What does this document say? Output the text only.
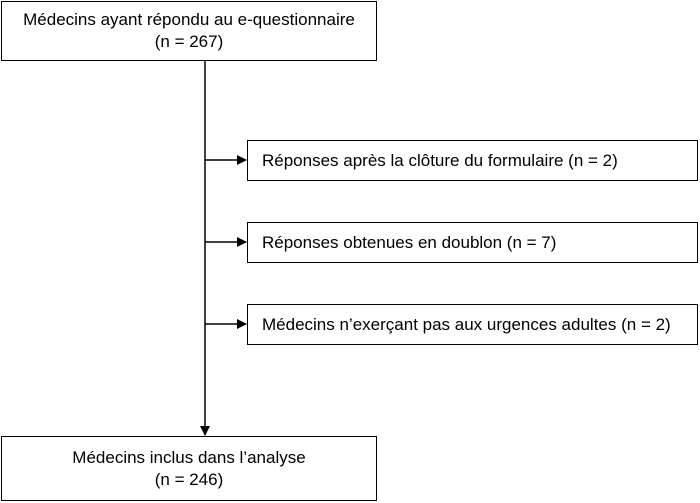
Médecins ayant répondu au e-questionnaire
(n = 267)
Réponses après la clôture du formulaire (n = 2)
Réponses obtenues en doublon (n = 7)
Médecins n’exerçant pas aux urgences adultes (n = 2)
Médecins inclus dans l’analyse
(n = 246)
